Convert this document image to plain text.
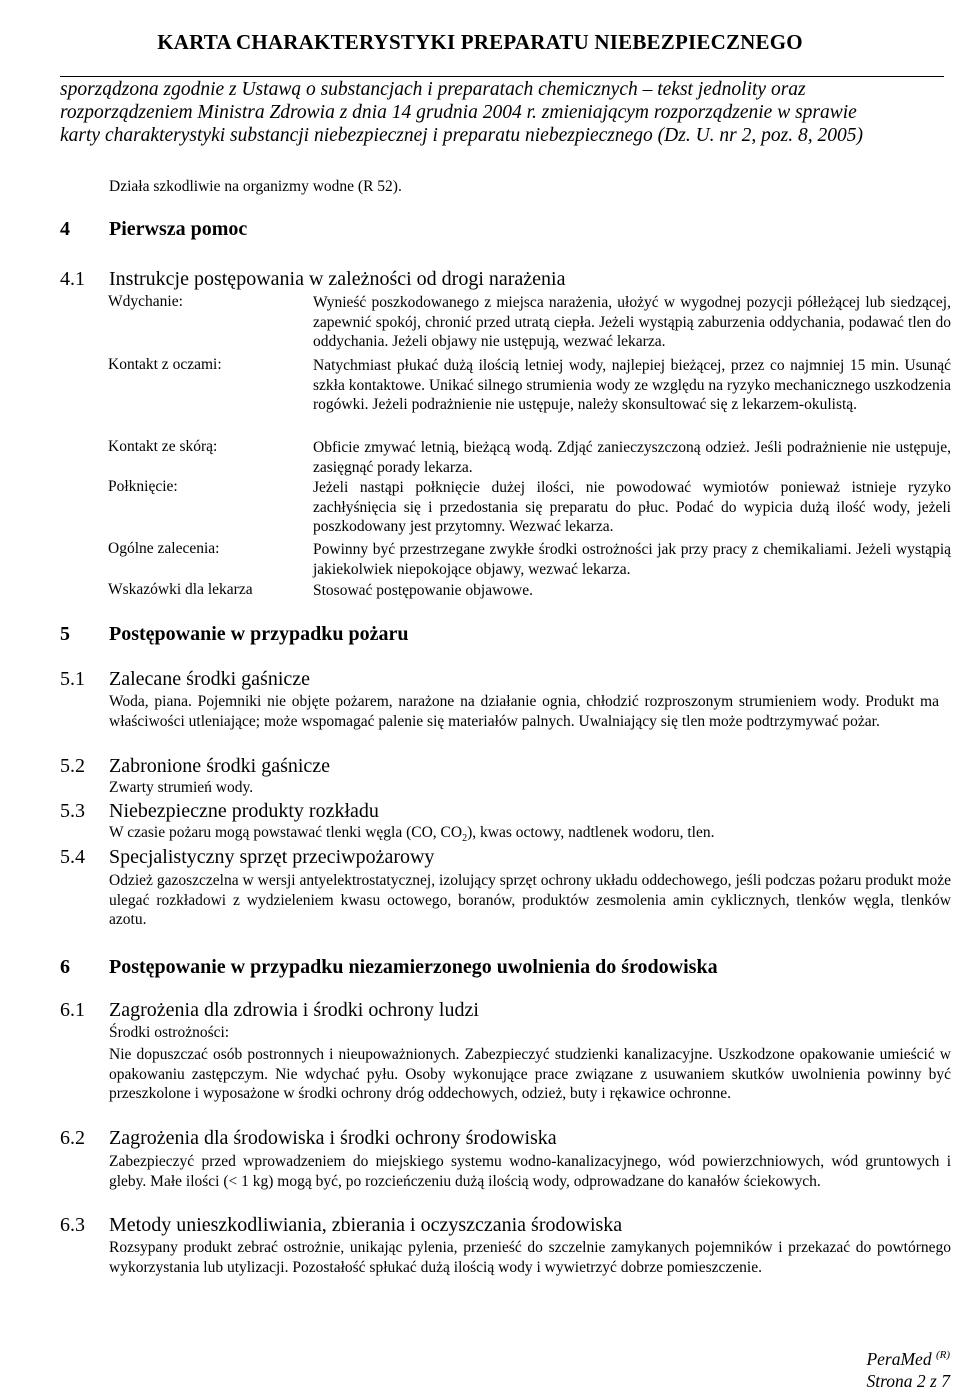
KARTA CHARAKTERYSTYKI PREPARATU NIEBEZPIECZNEGO
sporządzona zgodnie z Ustawą o substancjach i preparatach chemicznych – tekst jednolity oraz
rozporządzeniem Ministra Zdrowia z dnia 14 grudnia 2004 r. zmieniającym rozporządzenie w sprawie
karty charakterystyki substancji niebezpiecznej i preparatu niebezpiecznego (Dz. U. nr 2, poz. 8, 2005)
Działa szkodliwie na organizmy wodne (R 52).
4 Pierwsza pomoc
4.1 Instrukcje postępowania w zależności od drogi narażenia
Wdychanie:	Wynieść poszkodowanego z miejsca narażenia, ułożyć w wygodnej pozycji półleżącej lub siedzącej, zapewnić spokój, chronić przed utratą ciepła. Jeżeli wystąpią zaburzenia oddychania, podawać tlen do oddychania. Jeżeli objawy nie ustępują, wezwać lekarza.
Kontakt z oczami:	Natychmiast płukać dużą ilością letniej wody, najlepiej bieżącej, przez co najmniej 15 min. Usunąć szkła kontaktowe. Unikać silnego strumienia wody ze względu na ryzyko mechanicznego uszkodzenia rogówki. Jeżeli podrażnienie nie ustępuje, należy skonsultować się z lekarzem-okulistą.
Kontakt ze skórą:	Obficie zmywać letnią, bieżącą wodą. Zdjąć zanieczyszczoną odzież. Jeśli podrażnienie nie ustępuje, zasięgnąć porady lekarza.
Połknięcie:	Jeżeli nastąpi połknięcie dużej ilości, nie powodować wymiotów ponieważ istnieje ryzyko zachłyśnięcia się i przedostania się preparatu do płuc. Podać do wypicia dużą ilość wody, jeżeli poszkodowany jest przytomny. Wezwać lekarza.
Ogólne zalecenia:	Powinny być przestrzegane zwykłe środki ostrożności jak przy pracy z chemikaliami. Jeżeli wystąpią jakiekolwiek niepokojące objawy, wezwać lekarza.
Wskazówki dla lekarza	Stosować postępowanie objawowe.
5 Postępowanie w przypadku pożaru
5.1 Zalecane środki gaśnicze
Woda, piana. Pojemniki nie objęte pożarem, narażone na działanie ognia, chłodzić rozproszonym strumieniem wody. Produkt ma właściwości utleniające; może wspomagać palenie się materiałów palnych. Uwalniający się tlen może podtrzymywać pożar.
5.2 Zabronione środki gaśnicze
Zwarty strumień wody.
5.3 Niebezpieczne produkty rozkładu
W czasie pożaru mogą powstawać tlenki węgla (CO, $CO_2$), kwas octowy, nadtlenek wodoru, tlen.
5.4 Specjalistyczny sprzęt przeciwpożarowy
Odzież gazoszczelna w wersji antyelektrostatycznej, izolujący sprzęt ochrony układu oddechowego, jeśli podczas pożaru produkt może ulegać rozkładowi z wydzieleniem kwasu octowego, boranów, produktów zesmolenia amin cyklicznych, tlenków węgla, tlenków azotu.
6 Postępowanie w przypadku niezamierzonego uwolnienia do środowiska
6.1 Zagrożenia dla zdrowia i środki ochrony ludzi
Środki ostrożności:
Nie dopuszczać osób postronnych i nieupoważnionych. Zabezpieczyć studzienki kanalizacyjne. Uszkodzone opakowanie umieścić w opakowaniu zastępczym. Nie wdychać pyłu. Osoby wykonujące prace związane z usuwaniem skutków uwolnienia powinny być przeszkolone i wyposażone w środki ochrony dróg oddechowych, odzież, buty i rękawice ochronne.
6.2 Zagrożenia dla środowiska i środki ochrony środowiska
Zabezpieczyć przed wprowadzeniem do miejskiego systemu wodno-kanalizacyjnego, wód powierzchniowych, wód gruntowych i gleby. Małe ilości (< 1 kg) mogą być, po rozcieńczeniu dużą ilością wody, odprowadzane do kanałów ściekowych.
6.3 Metody unieszkodliwiania, zbierania i oczyszczania środowiska
Rozsypany produkt zebrać ostrożnie, unikając pylenia, przenieść do szczelnie zamykanych pojemników i przekazać do powtórnego wykorzystania lub utylizacji. Pozostałość spłukać dużą ilością wody i wywietrzyć dobrze pomieszczenie.
PeraMed $^{(R)}$
Strona 2 z 7
